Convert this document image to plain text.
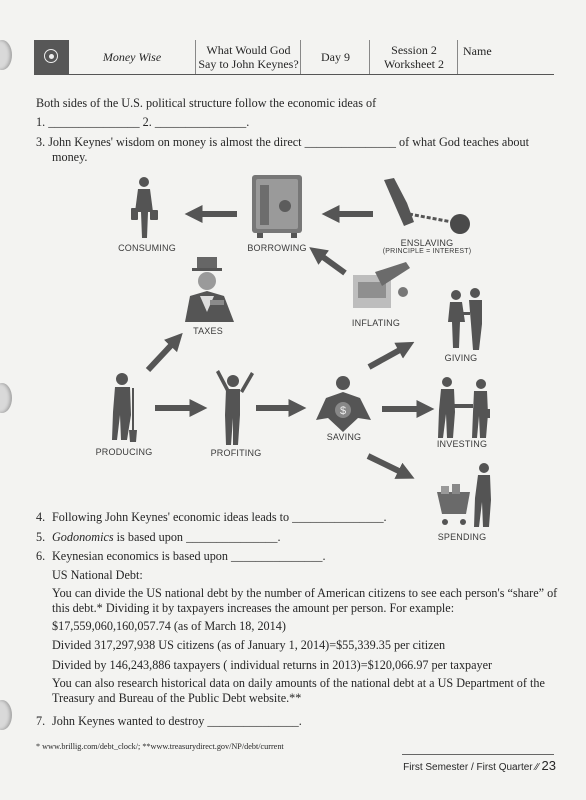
Money Wise	What Would God Say to John Keynes?	Day 9	Session 2
Worksheet 2
Name
Both sides of the U.S. political structure follow the economic ideas of
1. _______________ 2. _______________.
3. John Keynes' wisdom on money is almost the direct _______________ of what God teaches about
money.
$
CONSUMING	BORROWING	ENSLAVING
(PRINCIPLE = INTEREST)
TAXES
INFLATING
GIVING
PRODUCING	PROFITING
SAVING
INVESTING
SPENDING
4. Following John Keynes' economic ideas leads to _______________.
5. Godonomics is based upon _______________.
6. Keynesian economics is based upon _______________.
US National Debt:
You can divide the US national debt by the number of American citizens to see each person's “share” of
this debt.* Dividing it by taxpayers increases the amount per person. For example:
$17,559,060,160,057.74 (as of March 18, 2014)
Divided 317,297,938 US citizens (as of January 1, 2014)=$55,339.35 per citizen
Divided by 146,243,886 taxpayers ( individual returns in 2013)=$120,066.97 per taxpayer
You can also research historical data on daily amounts of the national debt at a US Department of the
Treasury and Bureau of the Public Debt website.**
7. John Keynes wanted to destroy _______________.
* www.brillig.com/debt_clock/; **www.treasurydirect.gov/NP/debt/current
First Semester / First Quarter ∕∕ 23
